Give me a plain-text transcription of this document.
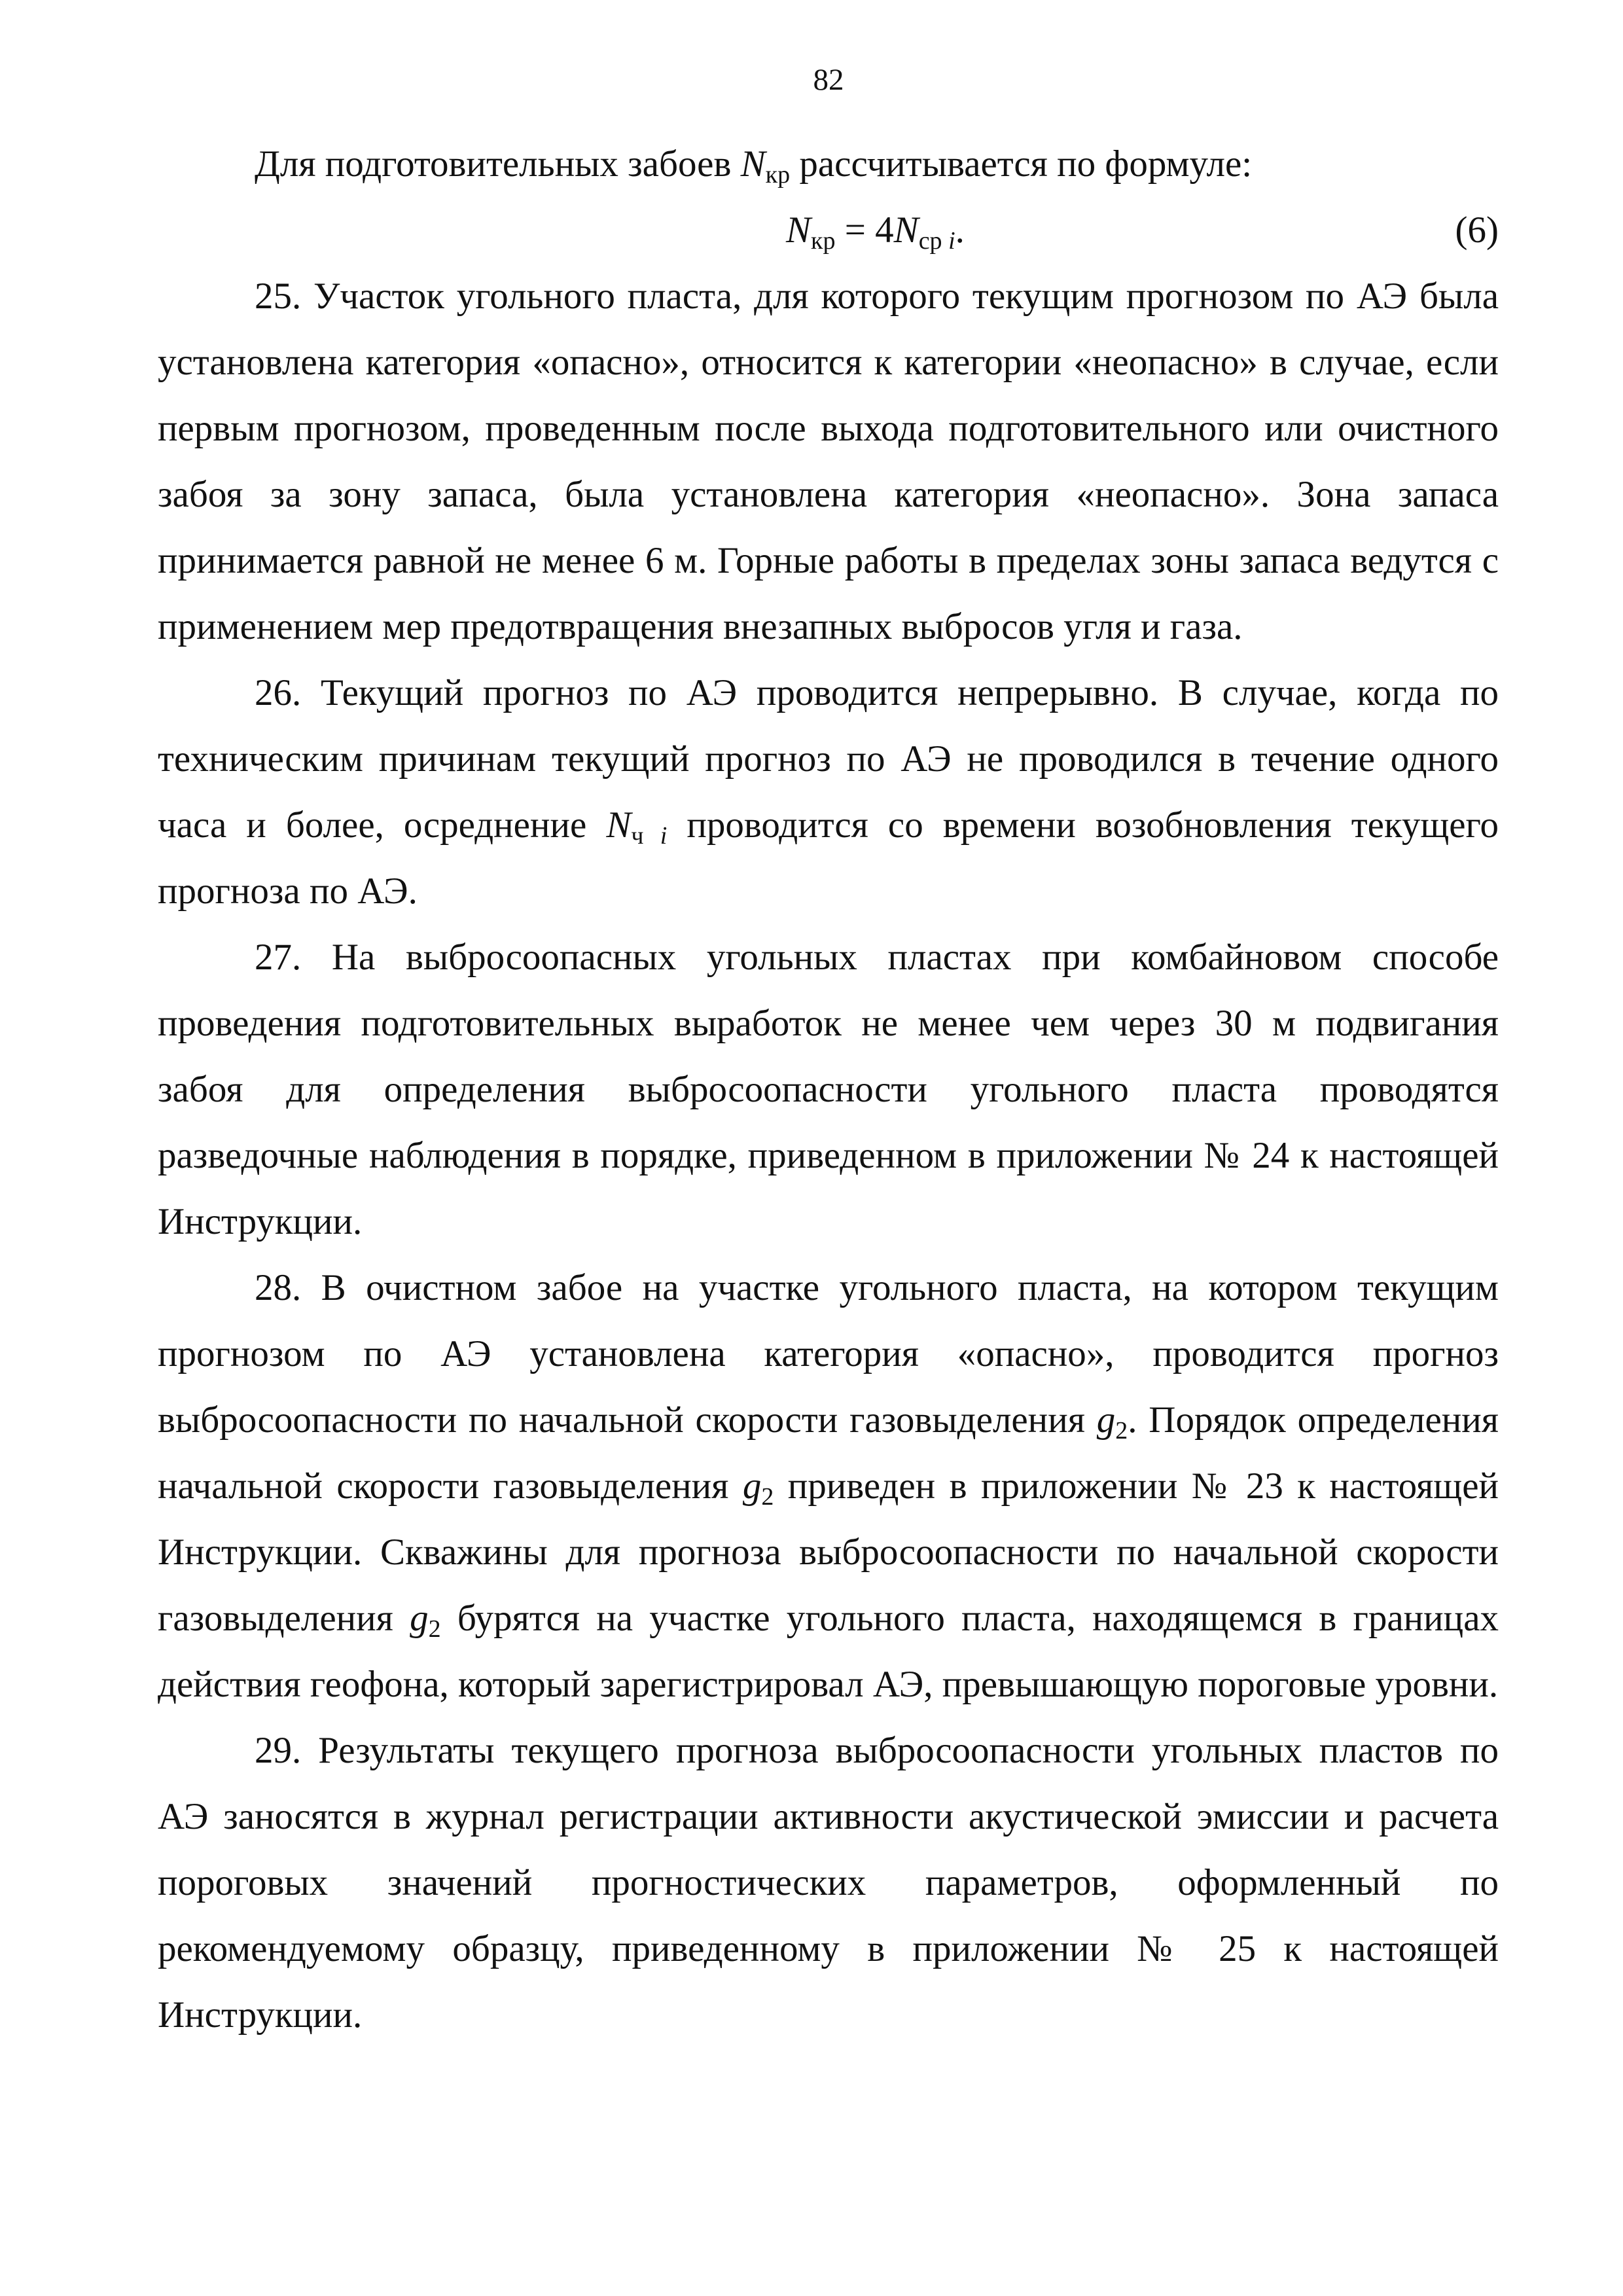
82

Для подготовительных забоев $N_{кр}$ рассчитывается по формуле:

$N_{кр} = 4N_{ср i}$.	(6)

25. Участок угольного пласта, для которого текущим прогнозом по АЭ была установлена категория «опасно», относится к категории «неопасно» в случае, если первым прогнозом, проведенным после выхода подготовительного или очистного забоя за зону запаса, была установлена категория «неопасно». Зона запаса принимается равной не менее 6 м. Горные работы в пределах зоны запаса ведутся с применением мер предотвращения внезапных выбросов угля и газа.

26. Текущий прогноз по АЭ проводится непрерывно. В случае, когда по техническим причинам текущий прогноз по АЭ не проводился в течение одного часа и более, осреднение $N_{ч i}$ проводится со времени возобновления текущего прогноза по АЭ.

27. На выбросоопасных угольных пластах при комбайновом способе проведения подготовительных выработок не менее чем через 30 м подвигания забоя для определения выбросоопасности угольного пласта проводятся разведочные наблюдения в порядке, приведенном в приложении № 24 к настоящей Инструкции.

28. В очистном забое на участке угольного пласта, на котором текущим прогнозом по АЭ установлена категория «опасно», проводится прогноз выбросоопасности по начальной скорости газовыделения $g_2$. Порядок определения начальной скорости газовыделения $g_2$ приведен в приложении № 23 к настоящей Инструкции. Скважины для прогноза выбросоопасности по начальной скорости газовыделения $g_2$ бурятся на участке угольного пласта, находящемся в границах действия геофона, который зарегистрировал АЭ, превышающую пороговые уровни.

29. Результаты текущего прогноза выбросоопасности угольных пластов по АЭ заносятся в журнал регистрации активности акустической эмиссии и расчета пороговых значений прогностических параметров, оформленный по рекомендуемому образцу, приведенному в приложении № 25 к настоящей Инструкции.
